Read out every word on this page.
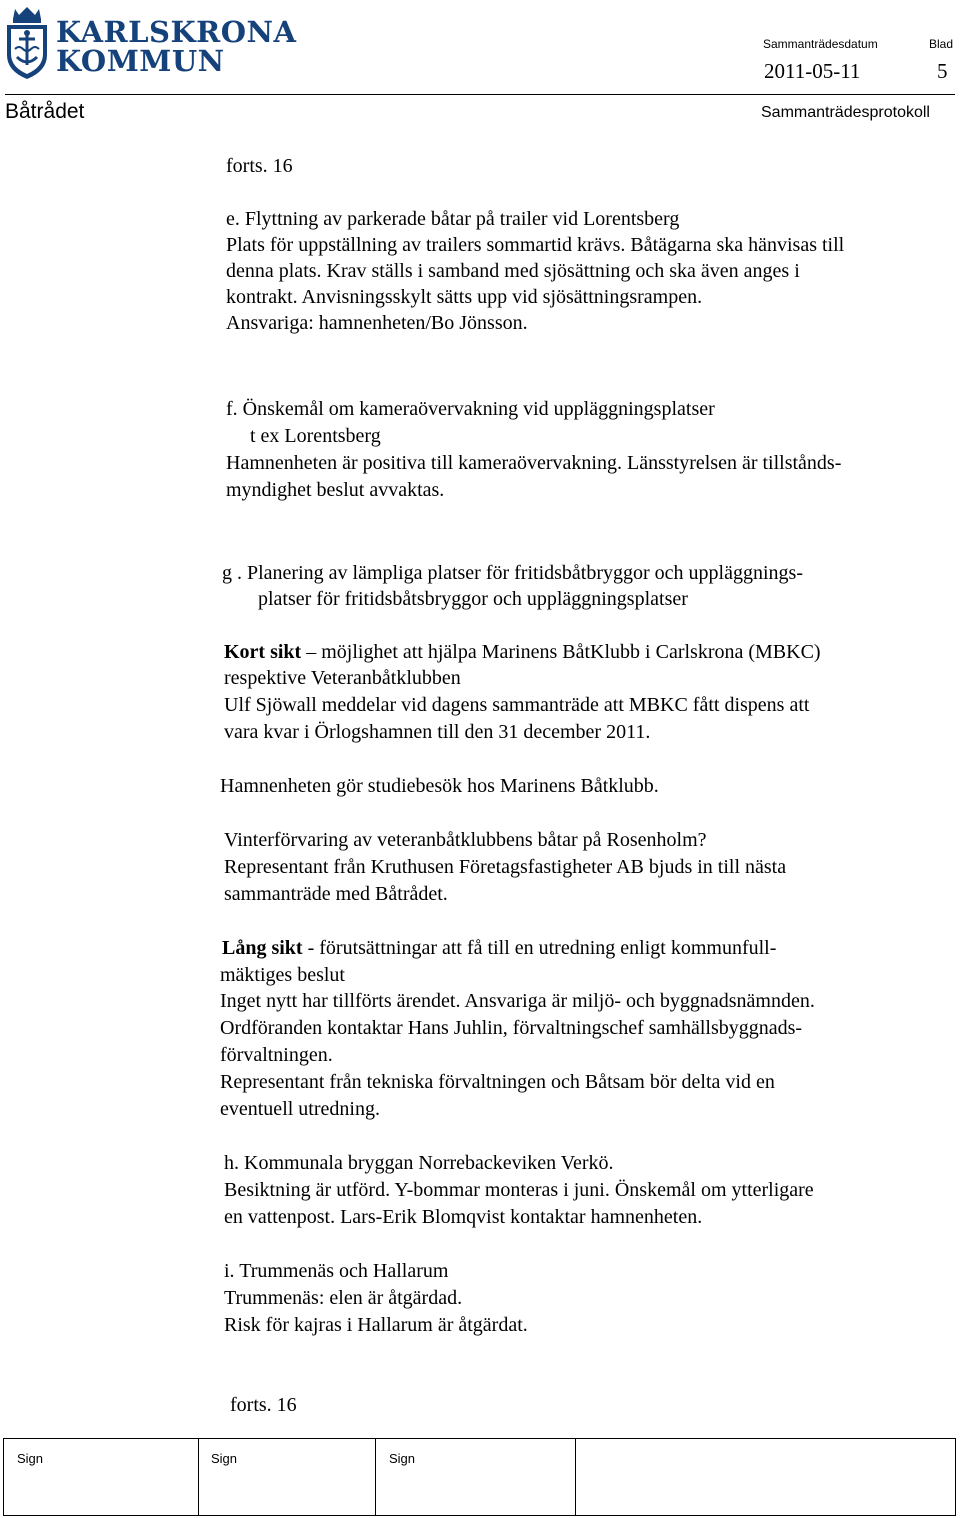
KARLSKRONA
KOMMUN	Sammanträdesdatum	Blad
2011-05-11	5
Båtrådet	Sammanträdesprotokoll
forts. 16
e. Flyttning av parkerade båtar på trailer vid Lorentsberg
Plats för uppställning av trailers sommartid krävs. Båtägarna ska hänvisas till
denna plats. Krav ställs i samband med sjösättning och ska även anges i
kontrakt. Anvisningsskylt sätts upp vid sjösättningsrampen.
Ansvariga: hamnenheten/Bo Jönsson.
f. Önskemål om kameraövervakning vid uppläggningsplatser
t ex Lorentsberg
Hamnenheten är positiva till kameraövervakning. Länsstyrelsen är tillstånds-
myndighet beslut avvaktas.
g . Planering av lämpliga platser för fritidsbåtbryggor och uppläggnings-
platser för fritidsbåtsbryggor och uppläggningsplatser
Kort sikt – möjlighet att hjälpa Marinens BåtKlubb i Carlskrona (MBKC)
respektive Veteranbåtklubben
Ulf Sjöwall meddelar vid dagens sammanträde att MBKC fått dispens att
vara kvar i Örlogshamnen till den 31 december 2011.
Hamnenheten gör studiebesök hos Marinens Båtklubb.
Vinterförvaring av veteranbåtklubbens båtar på Rosenholm?
Representant från Kruthusen Företagsfastigheter AB bjuds in till nästa
sammanträde med Båtrådet.
Lång sikt - förutsättningar att få till en utredning enligt kommunfull-
mäktiges beslut
Inget nytt har tillförts ärendet. Ansvariga är miljö- och byggnadsnämnden.
Ordföranden kontaktar Hans Juhlin, förvaltningschef samhällsbyggnads-
förvaltningen.
Representant från tekniska förvaltningen och Båtsam bör delta vid en
eventuell utredning.
h. Kommunala bryggan Norrebackeviken Verkö.
Besiktning är utförd. Y-bommar monteras i juni. Önskemål om ytterligare
en vattenpost. Lars-Erik Blomqvist kontaktar hamnenheten.
i. Trummenäs och Hallarum
Trummenäs: elen är åtgärdad.
Risk för kajras i Hallarum är åtgärdat.
forts. 16
Sign	Sign	Sign
